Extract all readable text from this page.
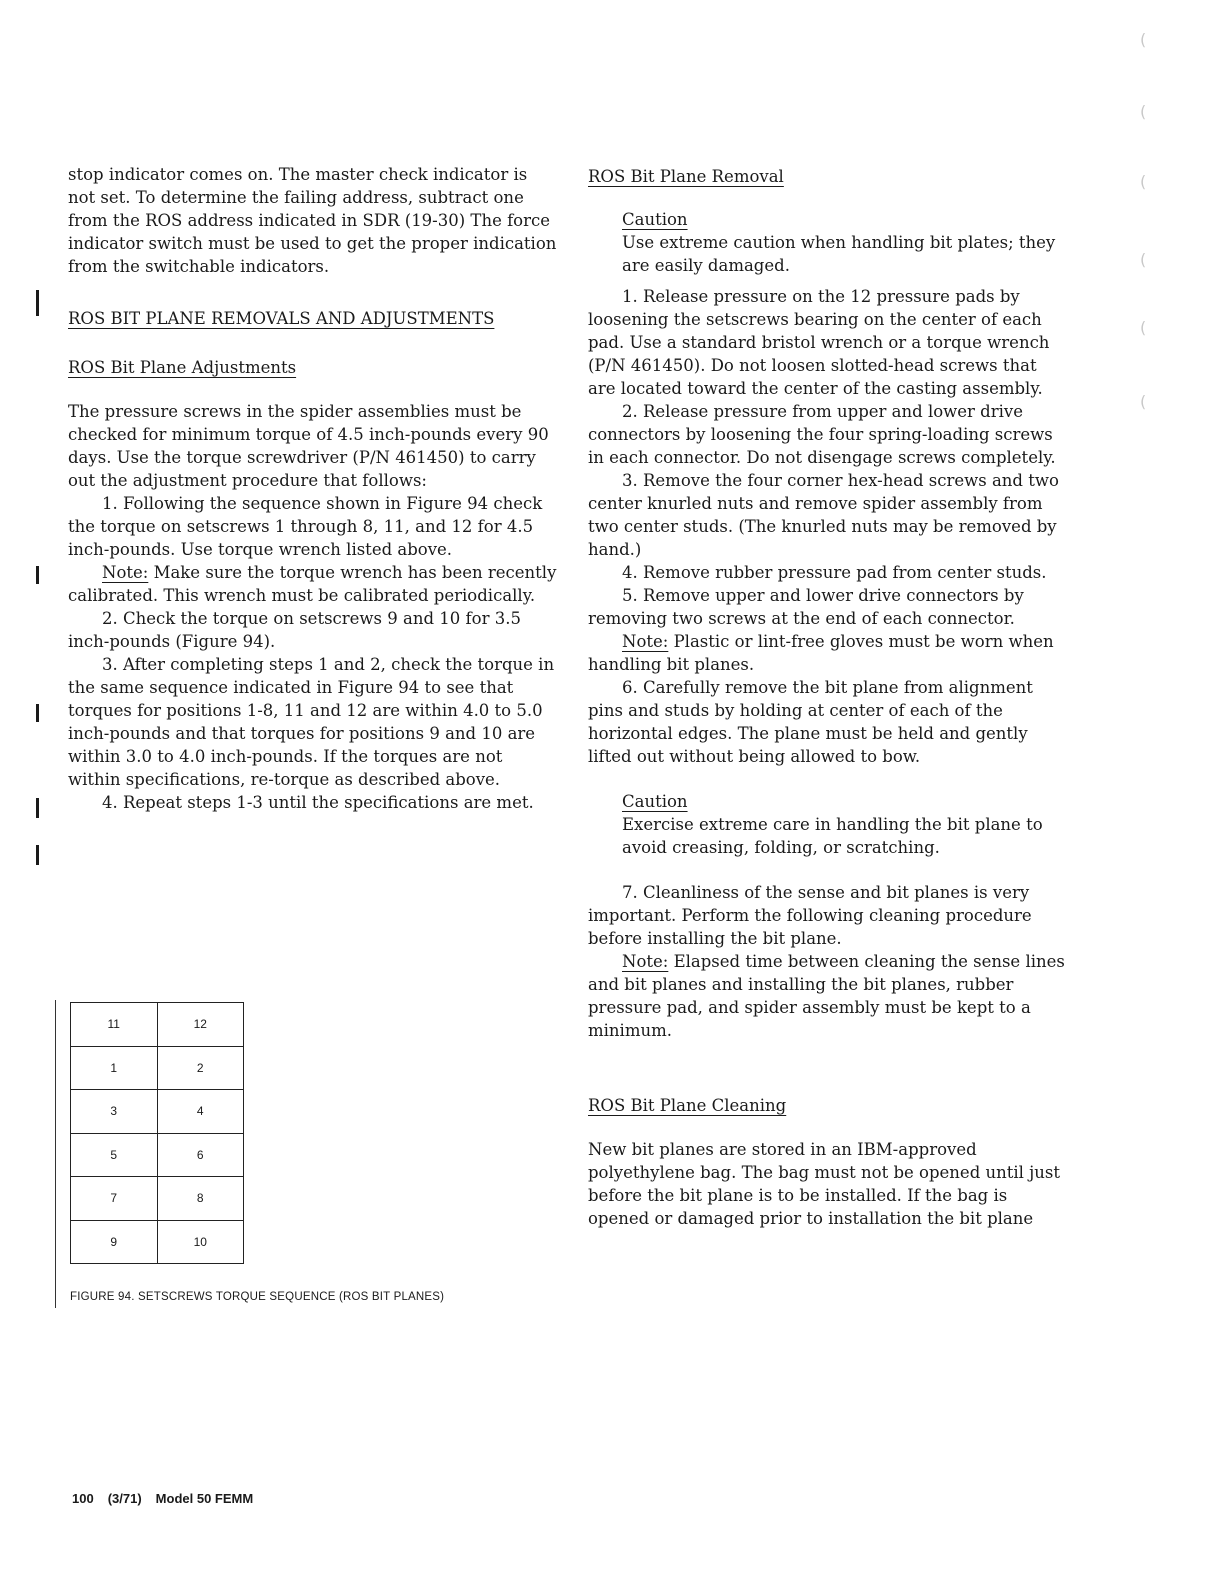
stop indicator comes on. The master check indicator is not set. To determine the failing address, subtract one from the ROS address indicated in SDR (19-30) The force indicator switch must be used to get the proper indication from the switchable indicators.

ROS BIT PLANE REMOVALS AND ADJUSTMENTS

ROS Bit Plane Adjustments

The pressure screws in the spider assemblies must be checked for minimum torque of 4.5 inch-pounds every 90 days. Use the torque screwdriver (P/N 461450) to carry out the adjustment procedure that follows:

1. Following the sequence shown in Figure 94 check the torque on setscrews 1 through 8, 11, and 12 for 4.5 inch-pounds. Use torque wrench listed above.

Note: Make sure the torque wrench has been recently calibrated. This wrench must be calibrated periodically.

2. Check the torque on setscrews 9 and 10 for 3.5 inch-pounds (Figure 94).

3. After completing steps 1 and 2, check the torque in the same sequence indicated in Figure 94 to see that torques for positions 1-8, 11 and 12 are within 4.0 to 5.0 inch-pounds and that torques for positions 9 and 10 are within 3.0 to 4.0 inch-pounds. If the torques are not within specifications, re-torque as described above.

4. Repeat steps 1-3 until the specifications are met.

11	12
1	2
3	4
5	6
7	8
9	10
FIGURE 94. SETSCREWS TORQUE SEQUENCE (ROS BIT PLANES)

ROS Bit Plane Removal

Caution

Use extreme caution when handling bit plates; they are easily damaged.

1. Release pressure on the 12 pressure pads by loosening the setscrews bearing on the center of each pad. Use a standard bristol wrench or a torque wrench (P/N 461450). Do not loosen slotted-head screws that are located toward the center of the casting assembly.

2. Release pressure from upper and lower drive connectors by loosening the four spring-loading screws in each connector. Do not disengage screws completely.

3. Remove the four corner hex-head screws and two center knurled nuts and remove spider assembly from two center studs. (The knurled nuts may be removed by hand.)

4. Remove rubber pressure pad from center studs.

5. Remove upper and lower drive connectors by removing two screws at the end of each connector.

Note: Plastic or lint-free gloves must be worn when handling bit planes.

6. Carefully remove the bit plane from alignment pins and studs by holding at center of each of the horizontal edges. The plane must be held and gently lifted out without being allowed to bow.

Caution

Exercise extreme care in handling the bit plane to avoid creasing, folding, or scratching.

7. Cleanliness of the sense and bit planes is very important. Perform the following cleaning procedure before installing the bit plane.

Note: Elapsed time between cleaning the sense lines and bit planes and installing the bit planes, rubber pressure pad, and spider assembly must be kept to a minimum.

ROS Bit Plane Cleaning

New bit planes are stored in an IBM-approved polyethylene bag. The bag must not be opened until just before the bit plane is to be installed. If the bag is opened or damaged prior to installation the bit plane

100 (3/71) Model 50 FEMM
(
(
(
(
(
(
